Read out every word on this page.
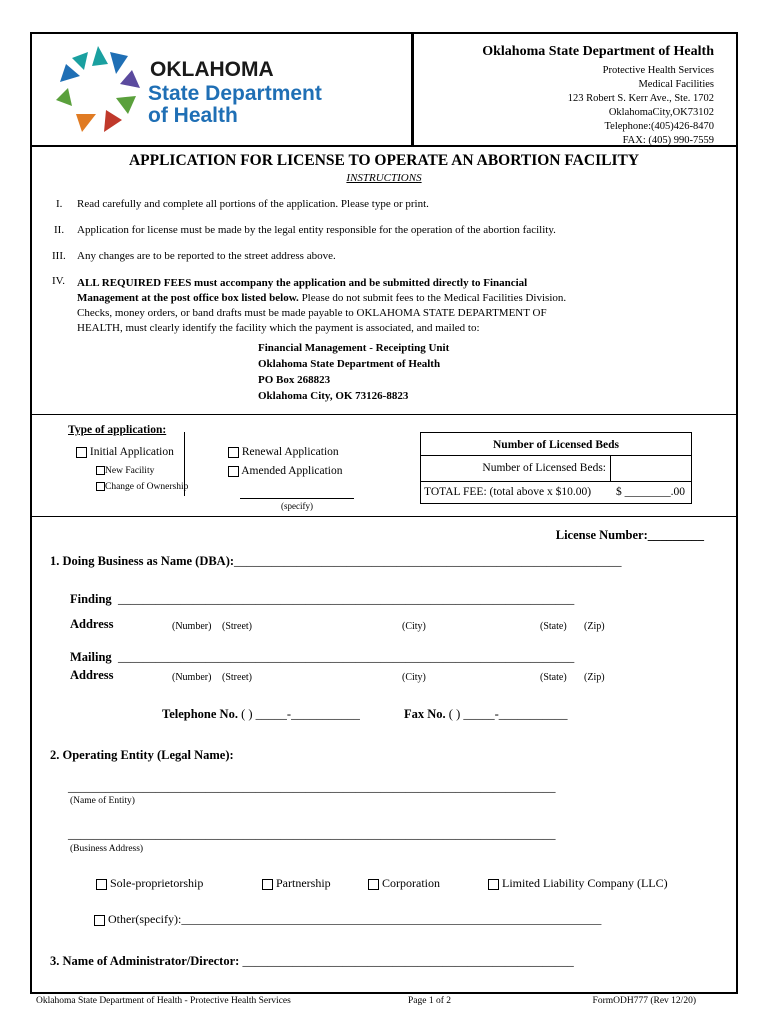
OKLAHOMA
State Department
of Health
Oklahoma State Department of Health
Protective Health Services
Medical Facilities
123 Robert S. Kerr Ave., Ste. 1702
OklahomaCity,OK73102
Telephone:(405)426-8470
FAX: (405) 990-7559
APPLICATION FOR LICENSE TO OPERATE AN ABORTION FACILITY
INSTRUCTIONS
I. Read carefully and complete all portions of the application. Please type or print.
II. Application for license must be made by the legal entity responsible for the operation of the abortion facility.
III. Any changes are to be reported to the street address above.
IV. ALL REQUIRED FEES must accompany the application and be submitted directly to Financial
Management at the post office box listed below. Please do not submit fees to the Medical Facilities Division.
Checks, money orders, or band drafts must be made payable to OKLAHOMA STATE DEPARTMENT OF
HEALTH, must clearly identify the facility which the payment is associated, and mailed to:
Financial Management - Receipting Unit
Oklahoma State Department of Health
PO Box 268823
Oklahoma City, OK 73126-8823
Type of application:
Initial Application
New Facility
Change of Ownership
Renewal Application
Amended Application
(specify)
Number of Licensed Beds
Number of Licensed Beds:
TOTAL FEE: (total above x $10.00) $ ________.00
License Number:_________
1. Doing Business as Name (DBA):______________________________________________________________
Finding _________________________________________________________________________
Address	(Number) (Street)	(City)	(State) (Zip)
Mailing _________________________________________________________________________
Address	(Number) (Street)	(City)	(State) (Zip)
Telephone No. ( ) _____-___________	Fax No. ( ) _____-___________
2. Operating Entity (Legal Name):
______________________________________________________________________________
(Name of Entity)
______________________________________________________________________________
(Business Address)
Sole-proprietorship	Partnership	Corporation	Limited Liability Company (LLC)
Other(specify):______________________________________________________________________
3. Name of Administrator/Director: _____________________________________________________
Oklahoma State Department of Health - Protective Health Services	Page 1 of 2	FormODH777 (Rev 12/20)
